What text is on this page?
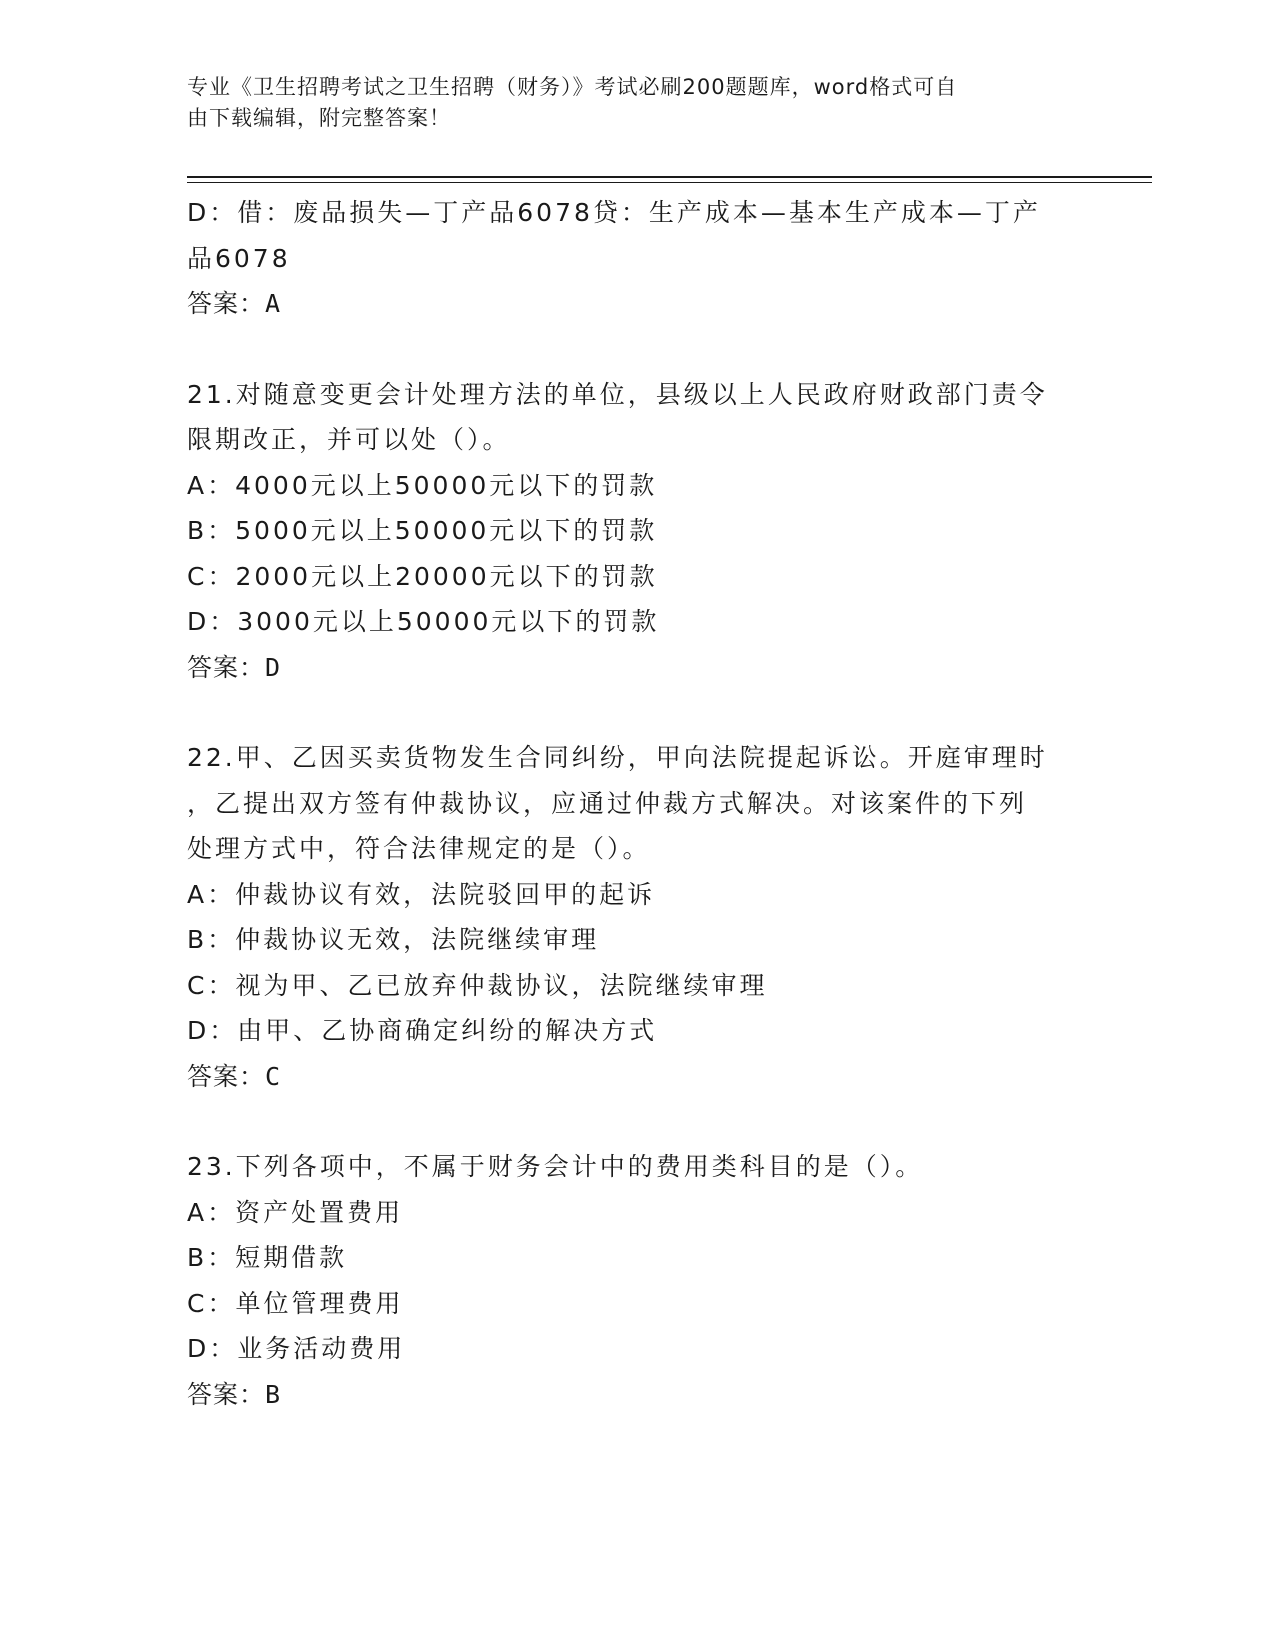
专业《卫生招聘考试之卫生招聘（财务）》考试必刷200题题库，word格式可自
由下载编辑，附完整答案！
D：借：废品损失—丁产品6078贷：生产成本—基本生产成本—丁产
品6078
答案：A
21.对随意变更会计处理方法的单位，县级以上人民政府财政部门责令
限期改正，并可以处（）。
A：4000元以上50000元以下的罚款
B：5000元以上50000元以下的罚款
C：2000元以上20000元以下的罚款
D：3000元以上50000元以下的罚款
答案：D
22.甲、乙因买卖货物发生合同纠纷，甲向法院提起诉讼。开庭审理时
，乙提出双方签有仲裁协议，应通过仲裁方式解决。对该案件的下列
处理方式中，符合法律规定的是（）。
A：仲裁协议有效，法院驳回甲的起诉
B：仲裁协议无效，法院继续审理
C：视为甲、乙已放弃仲裁协议，法院继续审理
D：由甲、乙协商确定纠纷的解决方式
答案：C
23.下列各项中，不属于财务会计中的费用类科目的是（）。
A：资产处置费用
B：短期借款
C：单位管理费用
D：业务活动费用
答案：B
